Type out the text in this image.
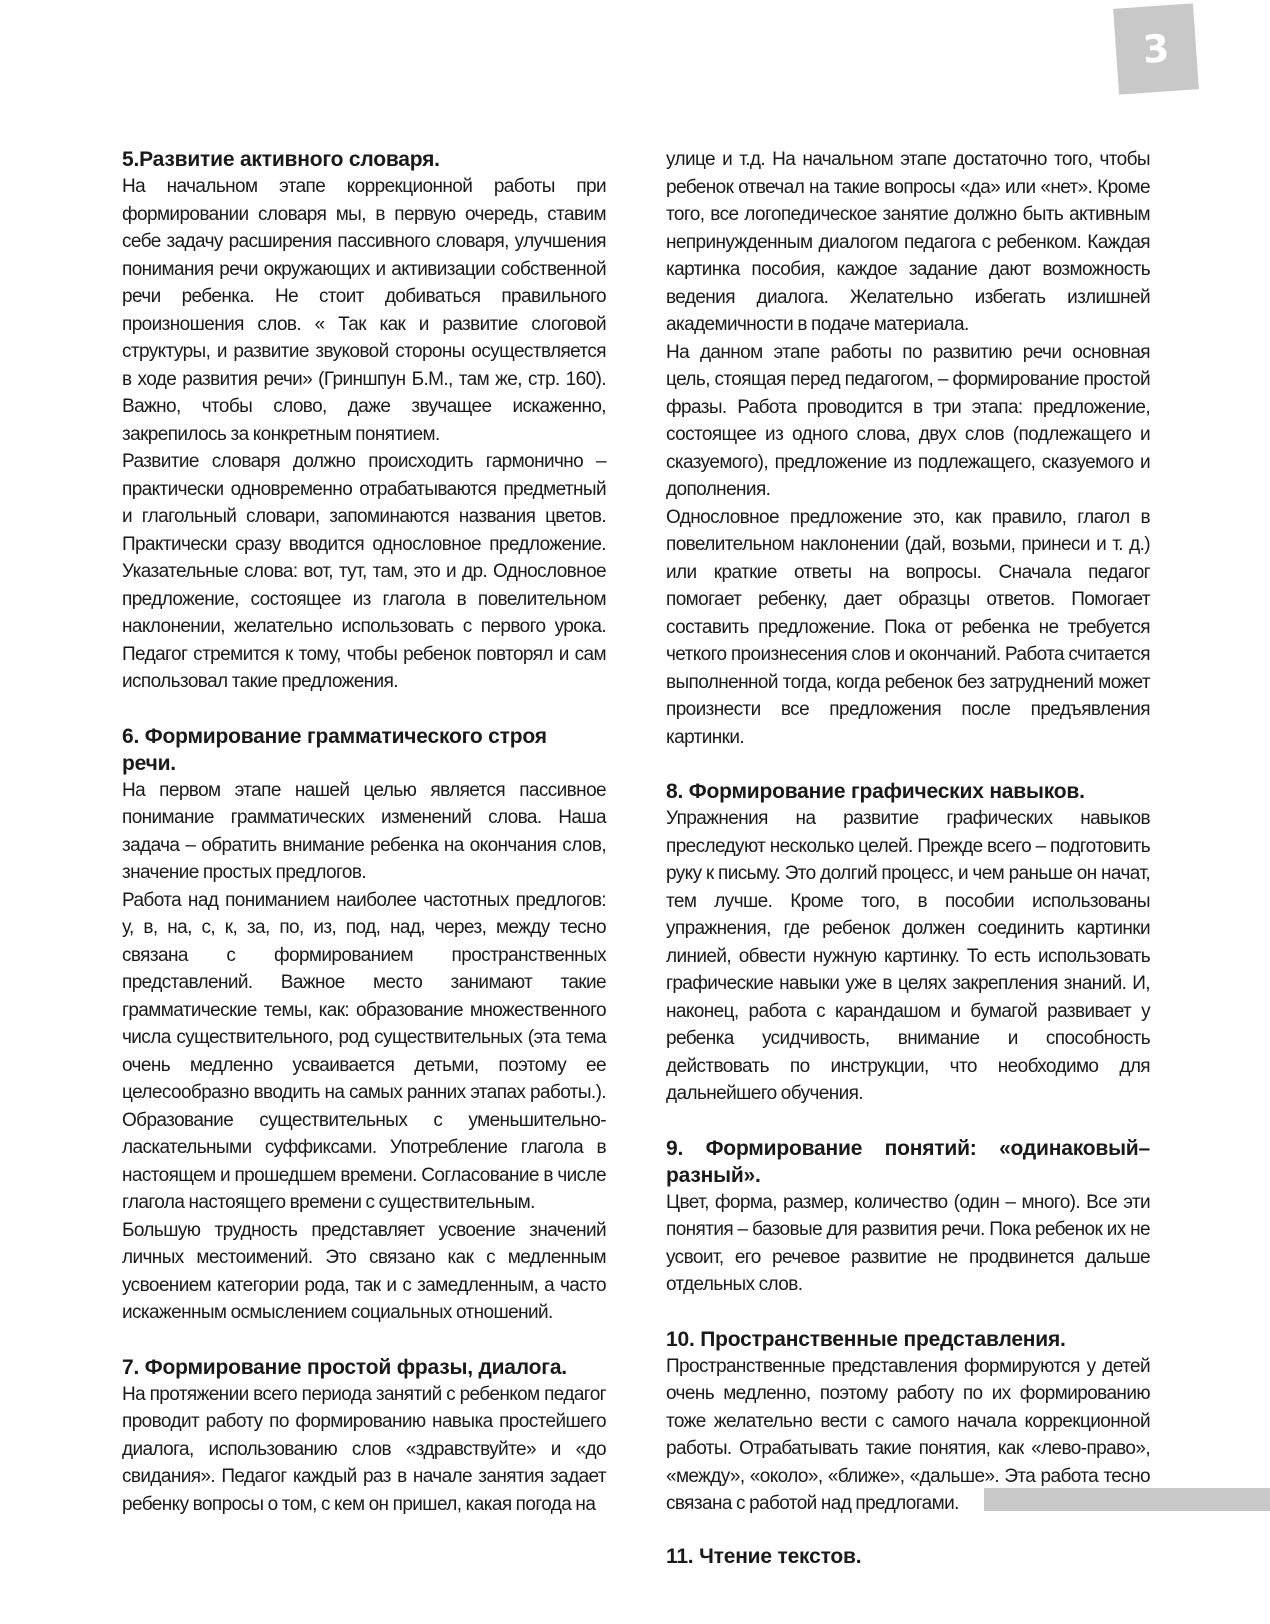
3
5.Развитие активного словаря.

На начальном этапе коррекционной работы при формировании словаря мы, в первую очередь, ставим себе задачу расширения пассивного словаря, улучшения понимания речи окружающих и активизации собственной речи ребенка. Не стоит добиваться правильного произношения слов. « Так как и развитие слоговой структуры, и развитие звуковой стороны осуществляется в ходе развития речи» (Гриншпун Б.М., там же, стр. 160). Важно, чтобы слово, даже звучащее искаженно, закрепилось за конкретным понятием.

Развитие словаря должно происходить гармонично – практически одновременно отрабатываются предметный и глагольный словари, запоминаются названия цветов. Практически сразу вводится однословное предложение. Указательные слова: вот, тут, там, это и др. Однословное предложение, состоящее из глагола в повелительном наклонении, желательно использовать с первого урока. Педагог стремится к тому, чтобы ребенок повторял и сам использовал такие предложения.

6. Формирование грамматического строя
речи.

На первом этапе нашей целью является пассивное понимание грамматических изменений слова. Наша задача – обратить внимание ребенка на окончания слов, значение простых предлогов.

Работа над пониманием наиболее частотных предлогов: у, в, на, с, к, за, по, из, под, над, через, между тесно связана с формированием пространственных представлений. Важное место занимают такие грамматические темы, как: образование множественного числа существительного, род существительных (эта тема очень медленно усваивается детьми, поэтому ее целесообразно вводить на самых ранних этапах работы.). Образование существительных с уменьшительно-ласкательными суффиксами. Употребление глагола в настоящем и прошедшем времени. Согласование в числе глагола настоящего времени с существительным.

Большую трудность представляет усвоение значений личных местоимений. Это связано как с медленным усвоением категории рода, так и с замедленным, а часто искаженным осмыслением социальных отношений.

7. Формирование простой фразы, диалога.

На протяжении всего периода занятий с ребенком педагог проводит работу по формированию навыка простейшего диалога, использованию слов «здравствуйте» и «до свидания». Педагог каждый раз в начале занятия задает ребенку вопросы о том, с кем он пришел, какая погода на

улице и т.д. На начальном этапе достаточно того, чтобы ребенок отвечал на такие вопросы «да» или «нет». Кроме того, все логопедическое занятие должно быть активным непринужденным диалогом педагога с ребенком. Каждая картинка пособия, каждое задание дают возможность ведения диалога. Желательно избегать излишней академичности в подаче материала.

На данном этапе работы по развитию речи основная цель, стоящая перед педагогом, – формирование простой фразы. Работа проводится в три этапа: предложение, состоящее из одного слова, двух слов (подлежащего и сказуемого), предложение из подлежащего, сказуемого и дополнения.

Однословное предложение это, как правило, глагол в повелительном наклонении (дай, возьми, принеси и т. д.) или краткие ответы на вопросы. Сначала педагог помогает ребенку, дает образцы ответов. Помогает составить предложение. Пока от ребенка не требуется четкого произнесения слов и окончаний. Работа считается выполненной тогда, когда ребенок без затруднений может произнести все предложения после предъявления картинки.

8. Формирование графических навыков.

Упражнения на развитие графических навыков преследуют несколько целей. Прежде всего – подготовить руку к письму. Это долгий процесс, и чем раньше он начат, тем лучше. Кроме того, в пособии использованы упражнения, где ребенок должен соединить картинки линией, обвести нужную картинку. То есть использовать графические навыки уже в целях закрепления знаний. И, наконец, работа с карандашом и бумагой развивает у ребенка усидчивость, внимание и способность действовать по инструкции, что необходимо для дальнейшего обучения.

9. Формирование понятий: «одинаковый–разный».

Цвет, форма, размер, количество (один – много). Все эти понятия – базовые для развития речи. Пока ребенок их не усвоит, его речевое развитие не продвинется дальше отдельных слов.

10. Пространственные представления.

Пространственные представления формируются у детей очень медленно, поэтому работу по их формированию тоже желательно вести с самого начала коррекционной работы. Отрабатывать такие понятия, как «лево-право», «между», «около», «ближе», «дальше». Эта работа тесно связана с работой над предлогами.

11. Чтение текстов.
